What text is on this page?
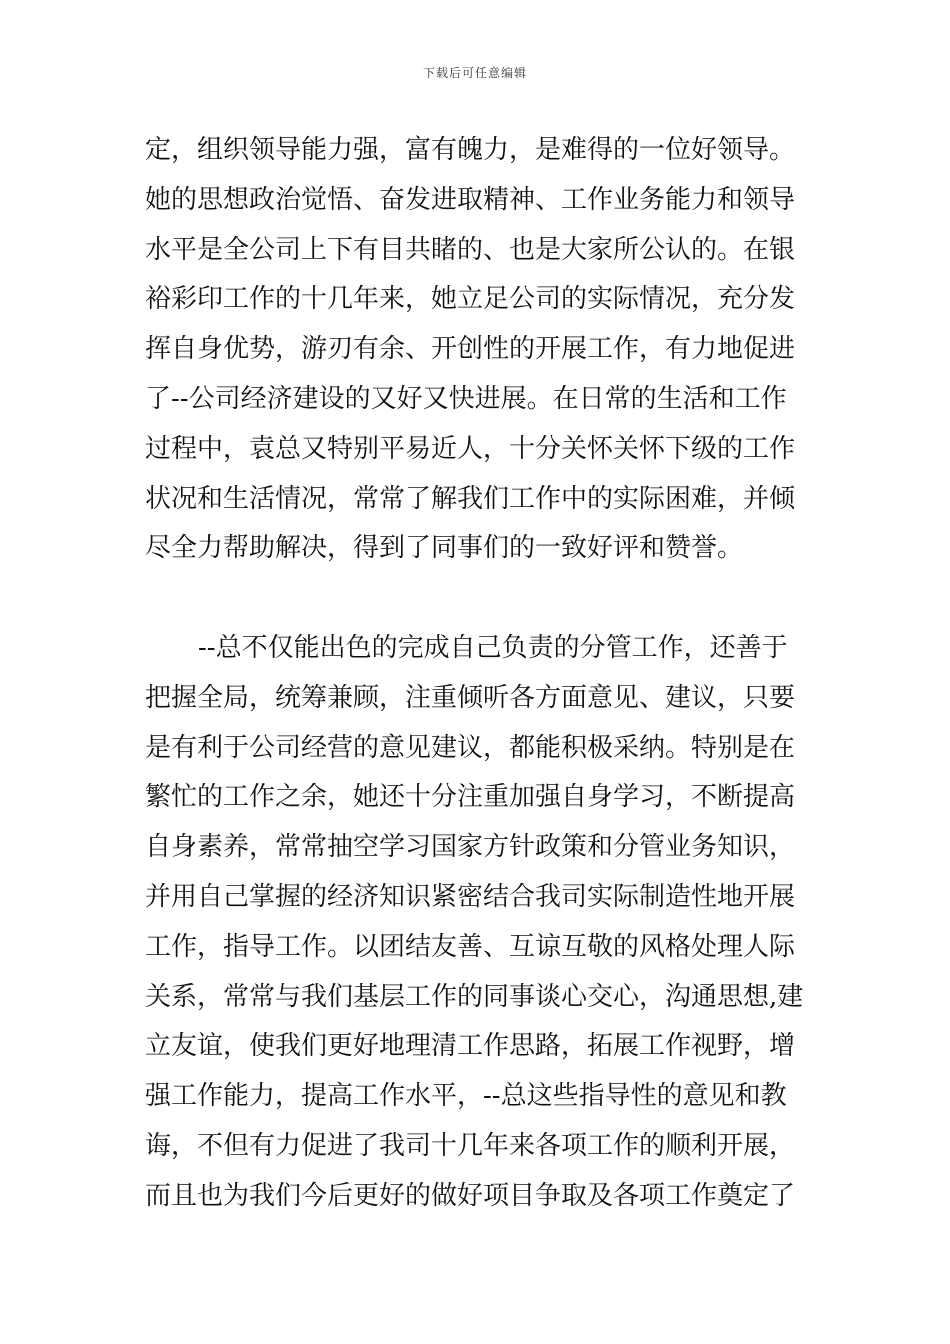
下载后可任意编辑
定，组织领导能力强，富有魄力，是难得的一位好领导。
她的思想政治觉悟、奋发进取精神、工作业务能力和领导
水平是全公司上下有目共睹的、也是大家所公认的。在银
裕彩印工作的十几年来，她立足公司的实际情况，充分发
挥自身优势，游刃有余、开创性的开展工作，有力地促进
了--公司经济建设的又好又快进展。在日常的生活和工作
过程中，袁总又特别平易近人，十分关怀关怀下级的工作
状况和生活情况，常常了解我们工作中的实际困难，并倾
尽全力帮助解决，得到了同事们的一致好评和赞誉。
--总不仅能出色的完成自己负责的分管工作，还善于
把握全局，统筹兼顾，注重倾听各方面意见、建议，只要
是有利于公司经营的意见建议，都能积极采纳。特别是在
繁忙的工作之余，她还十分注重加强自身学习，不断提高
自身素养，常常抽空学习国家方针政策和分管业务知识，
并用自己掌握的经济知识紧密结合我司实际制造性地开展
工作，指导工作。以团结友善、互谅互敬的风格处理人际
关系，常常与我们基层工作的同事谈心交心，沟通思想,建
立友谊，使我们更好地理清工作思路，拓展工作视野，增
强工作能力，提高工作水平，--总这些指导性的意见和教
诲，不但有力促进了我司十几年来各项工作的顺利开展，
而且也为我们今后更好的做好项目争取及各项工作奠定了
